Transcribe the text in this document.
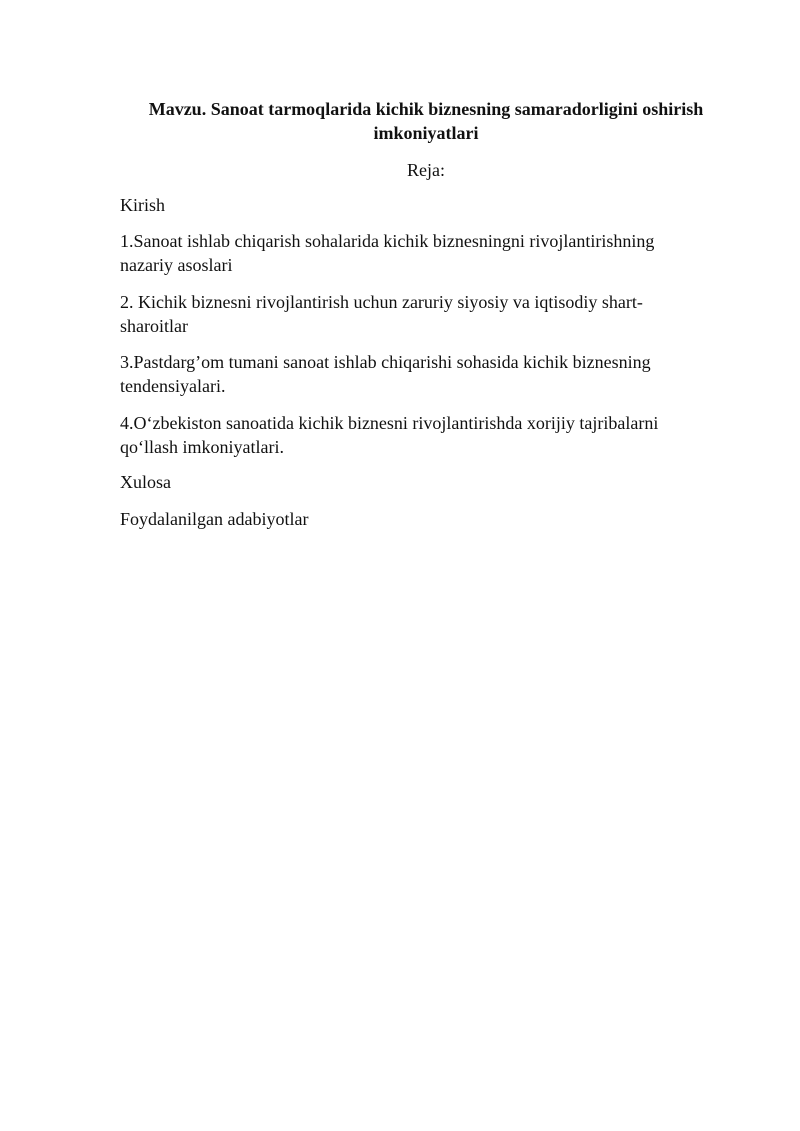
Mavzu. Sanoat tarmoqlarida kichik biznesning samaradorligini oshirish
imkoniyatlari

Reja:

Kirish

1.Sanoat ishlab chiqarish sohalarida kichik biznesningni rivojlantirishning
nazariy asoslari

2. Kichik biznesni rivojlantirish uchun zaruriy siyosiy va iqtisodiy shart-
sharoitlar

3.Pastdarg’om tumani sanoat ishlab chiqarishi sohasida kichik biznesning
tendensiyalari.

4.O‘zbekiston sanoatida kichik biznesni rivojlantirishda xorijiy tajribalarni
qo‘llash imkoniyatlari.

Xulosa

Foydalanilgan adabiyotlar
